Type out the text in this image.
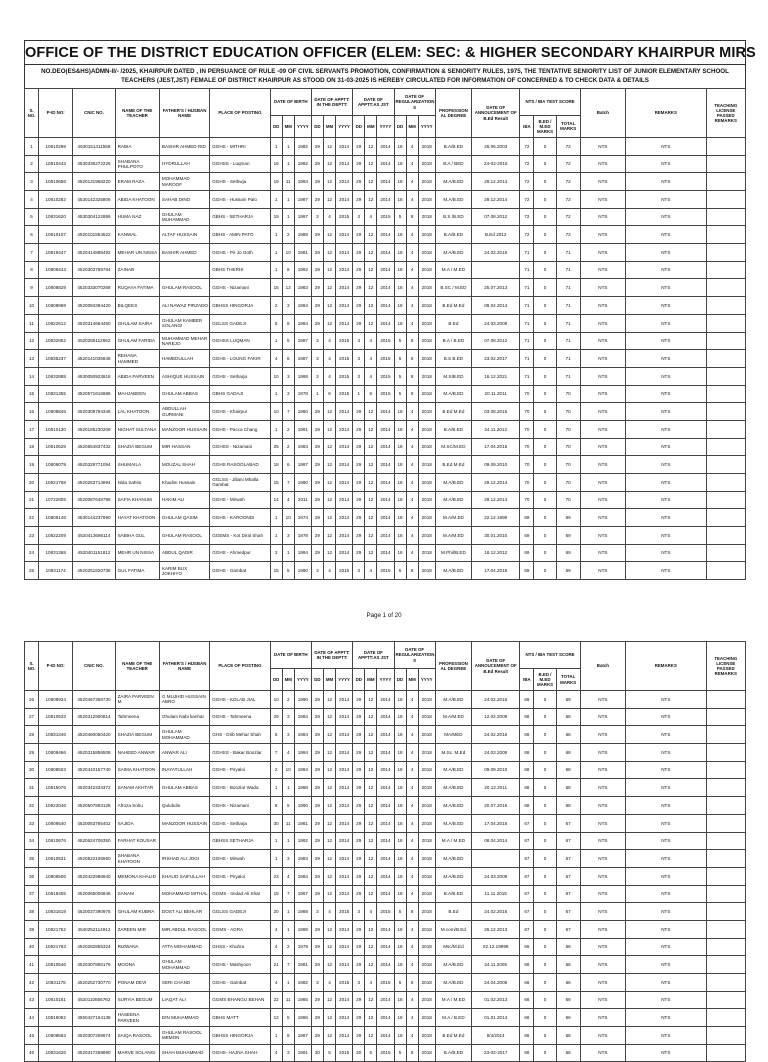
OFFICE OF THE DISTRICT EDUCATION OFFICER (ELEM: SEC: & HIGHER SECONDARY KHAIRPUR MIRS
NO.DEO(ES&HS)ADMN-II/- /2025, KHAIRPUR DATED , IN PERSUANCE OF RULE -09 OF CIVIL SERVANTS PROMOTION, CONFIRMATION & SENIORITY RULES, 1975, THE TENTATIVE SENIORITY LIST OF JUNIOR ELEMENTARY SCHOOL TEACHERS (JEST,JST) FEMALE OF DISTRICT KHAIRPUR AS STOOD ON 31-03-2025 IS HEREBY CIRCULATED FOR INFORMATION OF CONCERNED & TO CHECK DATA & DETAILS
S. NO.	P-ID NO:	CNIC NO.	NAME OF THE TEACHER	FATHER'S / HUSBAN NAME	PLACE OF POSTING	DATE OF BIRTH			DATE OF APPTT: IN THE DEPTT:			DATE OF APPTT:AS JST			DATE OF REGULARIZATION S			PROFESSION AL DEGREE	DATE OF ANNOUCEMENT OF B.Ed Result	NTS / IBA TEST SCORE			Batch	REMARKS	TEACHING LICENSE PASSED REMARKS
						DD	MM	YYYY	DD	MM	YYYY	DD	MM	YYYY	DD	MM	YYYY			IBA	B.ED / M.ED MARKS	TOTAL MARKS			
1	10810298	4530151411558	RABIA	BASHIR AHMED RID	GGHS - MITHRI	1	1	1982	29	12	2014	29	12	2014	18	4	2018	B.A/B.ED	26.06.2003	72	0	72	NTS	NTS	
2	10810443	4530336272226	SHABANA PHULPOTO	HYDRULLAH	GGHSS - Luqman	16	1	1982	29	12	2014	29	12	2014	18	4	2018	B.A / BED	24-02-2016	72	0	72	NTS	NTS	
3	10810656	4520131968220	ERAM RAZA	MOHAMMAD MAROOF	GGHS - Sethwja	19	11	1984	29	12	2014	29	12	2014	18	4	2018	M.A/B.ED	29.12.2014	72	0	72	NTS	NTS	
4	10810282	4530142325806	ABIDA KHATOON	SAHAB DINO	GGHS - Hussain Palo	1	1	1987	29	12	2014	29	12	2014	18	4	2018	M.A/B.ED	29.12.2014	72	0	72	NTS	NTS	
5	10831620	4530304122886	HUMA NAZ	GHULAM MUHAMMAD	GBHS - SETHARJA	19	1	1987	3	4	2015	3	4	2015	5	8	2018	B.S /B.ED	07.08.2012	72	0	72	NTS	NTS	
6	10810107	4520101854522	KANWAL	ALTAF HUSSAIN	GBHS - AMIN PATO	1	2	1988	29	12	2014	29	12	2014	18	4	2018	B.A/B.ED	B.Ed 2012	72	0	72	NTS	NTS	
7	10819447	4520414889492	MEHAR UN NISSA	BASHIR AHMED	GGHS - Pir Jo Goth	1	10	1981	29	12	2014	29	12	2014	18	4	2018	M.A/B.ED	24.02.2016	71	0	71	NTS	NTS	
8	10809443	4520303759784	ZAINAB		GBHS THERHI	1	6	1982	29	12	2014	29	12	2014	18	4	2018	M.A / M.ED		71	0	71	NTS	NTS	
9	10808829	4520333070268	RUQAYA FATIMA	GHULAM RASOOL	GGHS - Nizamani	15	12	1983	29	12	2014	29	12	2014	18	4	2018	B.SC / M.ED	25.07.2013	71	0	71	NTS	NTS	
10	10808968	4520084394420	BILQEES	ALI NAWAZ PIRZADO	GBHSS HINGORJA	2	3	1984	29	12	2014	29	12	2014	18	4	2018	B.Ed M.Ed	08.04.2014	71	0	71	NTS	NTS	
11	10822612	4520314664460	GHULAM SAIRA	GHULAM KAMBER SOLANGI	GGLSS GADEJI	5	8	1984	29	12	2014	29	12	2014	18	4	2018	B.Ed	24.03.2009	71	0	71	NTS	NTS	
12	10832852	4520285112652	GHULAM FARIDA	MUHAMMAD MEHAR NAREJO	GGHSS LUQMAN	1	5	1987	3	4	2015	3	4	2015	5	8	2018	B.A / B.ED	07.08.2012	71	0	71	NTS	NTS	
13	10835237	4520141035846	REHANA HAMMED	HAMEDULLAH	GGHS - LOUNG FAKIR	4	6	1987	3	4	2015	3	4	2015	5	8	2018	B.S B.ED	23.02.2017	71	0	71	NTS	NTS	
14	10832888	4530050923818	ABIDA PARVEEN	ASHIQUE HUSSAIN	GGHS - Setharja	10	3	1988	3	4	2015	3	4	2015	5	8	2018	M.SIB.ED	16.12.2021	71	0	71	NTS	NTS	
15	10831355	4520571616686	MAHJABEEN	GHULAM ABBAS	GBHS GADAJI	1	3	1978	1	6	2015	1	6	2015	5	8	2018	M.A/B.ED	20.11.2011	70	0	70	NTS	NTS	
16	10808848	4520309794346	LAL KHATOON	ABDULLAH GURMANI	GGHS - Khairpur	10	7	1980	29	12	2014	29	12	2014	18	4	2018	B.Ed M.Ed	03.08.2015	70	0	70	NTS	NTS	
17	10810130	4520185230208	NIGHAT SULTANA	MANZOOR HUSSAIN	GGHS - Pacca Chang	1	2	1981	29	12	2014	29	12	2014	18	4	2018	B.A/B.ED	24.11.2012	70	0	70	NTS	NTS	
18	10810528	4520654837432	SHAZIA BEGUM	MIR HASSAN	GGHSS - Nizamani	25	2	1983	29	12	2014	29	12	2014	18	4	2018	M.SC/M.ED	17.04.2015	70	0	70	NTS	NTS	
19	10809079	4520328771094	SHUMAILA	MOUZAL SHAH	GGHS RASOOLABAD	18	6	1987	29	12	2014	29	12	2014	18	4	2018	B.Ed M.Ed	09.09.2010	70	0	70	NTS	NTS	
20	10821768	4520263714894	Nida Sahito	Khadim Hussain	GGLSS - Jillani Mhalla Gambat	15	7	1990	29	12	2014	29	12	2014	18	4	2018	M.A/B.ED	29.12.2014	70	0	70	NTS	NTS	
21	10722805	4520087648798	SAFIA KHANUM	HAKIM ALI	GGHS - Mirwah	14	4	2011	29	12	2014	29	12	2014	18	4	2018	M.A/B.ED	29.12.2014	70	0	70	NTS	NTS	
22	10808146	4530144237890	HAYAT KHATOON	GHULAM QASIM	GGHS - KAROONDI	1	10	1974	29	12	2014	29	12	2014	18	4	2018	M.A/M.ED	22.12.1999	69	0	69	NTS	NTS	
23	10822209	4520413686114	SABIHA GUL	GHULAM RASOOL	GGEMS - Kot Diral Shah	1	3	1978	29	12	2014	29	12	2014	18	4	2018	M.A/M.ED	30.01.2010	69	0	69	NTS	NTS	
24	10831368	4520401151812	MEHR UN NISSA	ABDUL QADIR	GGHS - Ahmedpur	3	1	1984	29	12	2014	29	12	2014	18	4	2018	M.Phil/B.ED	18.12.2012	69	0	69	NTS	NTS	
25	10831174	4520251820736	GUL FATIMA	KARIM BUX JOKHIYO	GGHS - Gambat	15	5	1990	3	4	2015	3	4	2015	5	8	2018	M.A/B.ED	17.04.2015	69	0	69	NTS	NTS	
Page 1 of 20
S. NO.	P-ID NO:	CNIC NO.	NAME OF THE TEACHER	FATHER'S / HUSBAN NAME	PLACE OF POSTING	DATE OF BIRTH			DATE OF APPTT: IN THE DEPTT:			DATE OF APPTT:AS JST			DATE OF REGULARIZATION S			PROFESSION AL DEGREE	DATE OF ANNOUCEMENT OF B.Ed Result	NTS / IBA TEST SCORE			Batch	REMARKS	TEACHING LICENSE PASSED REMARKS
						DD	MM	YYYY	DD	MM	YYYY	DD	MM	YYYY	DD	MM	YYYY			IBA	B.ED / M.ED MARKS	TOTAL MARKS			
26	10808934	4520467359730	ZAIRA PARVEEN M	G MUJHID HUSSAIN ABRO	GGHS - KOLAB JIAL	10	2	1990	29	12	2014	29	12	2014	18	4	2018	M.A/B.ED	24.02.2016	69	0	69	NTS	NTS	
27	10810533	4520312900814	Tahmeena	Ghulam Nabi kanhar	GGHS - Tahmeena	29	3	1984	29	12	2014	29	12	2014	18	4	2018	M.A/M.ED	12.02.2009	68	0	68	NTS	NTS	
28	10831346	4520460050420	SHAZIA BEGUM	GHULAM MOHAMMAD	GHS - Drib Mehar Shah	5	3	1984	29	12	2014	29	12	2014	18	4	2018	MA/MED	24.02.2016	68	0	68	NTS	NTS	
29	10809466	4520315856508	NAHEED ANWAR	ANWAR ALI	GGHSS - Bakar Boozlar	7	4	1984	29	12	2014	29	12	2014	18	4	2018	M.Sc. M.Ed	24.03.2009	68	0	68	NTS	NTS	
30	10808503	4520410157740	SAIMA KHATOON	INAYATULLAH	GGHS - Piryaloi	2	10	1984	29	12	2014	29	12	2014	18	4	2018	M.A/B.ED	09.09.2010	68	0	68	NTS	NTS	
31	10815076	4520342334372	SANAM AKHTAR	GHULAM ABBAS	GGHS - Boozlar Wada	1	1	1988	29	12	2014	29	12	2014	18	4	2018	M.A/B.ED	20.12.2011	68	0	68	NTS	NTS	
32	10822046	4520507893128	Afroza Sohu	Qulubdin	GGHS - Nizamani	8	5	1990	29	12	2014	29	12	2014	18	4	2018	M.A/B.ED	20.07.2016	68	0	68	NTS	NTS	
33	10809540	4520063765402	SAJIDA	MANZOOR HUSSAIN	GGHS - Setharja	30	11	1981	29	12	2014	29	12	2014	18	4	2018	M.A/B.ED	17.04.2015	67	0	67	NTS	NTS	
34	10810676	4520624706350	FARHAT KOUSAR		GBHSS SETHARJA	1	1	1982	29	12	2014	29	12	2014	18	4	2018	M.A / M.ED	08.04.2014	67	0	67	NTS	NTS	
35	10810531	4520522106860	SHABANA KHATOON	IRSHAD ALI JOGI	GGHS - Mirwah	1	3	1983	29	12	2014	29	12	2014	18	4	2018	M.A/B.ED		67	0	67	NTS	NTS	
36	10806506	4520422988940	MEMONA KHALID	KHALID SAIFULLAH	GGHS - Piryaloi	23	4	1984	29	12	2014	29	12	2014	18	4	2018	M.A/B.ED	24.03.2009	67	0	67	NTS	NTS	
37	10819405	4520065006846	SANAM	MOHAMMAD MITHAL	GGMS - Imdad Ali Shar	15	7	1987	29	12	2014	29	12	2014	18	4	2018	B.A/B.ED	11.11.2015	67	0	67	NTS	NTS	
38	10831619	4520037390976	GHULAM KUBRA	DOST ALI BEHLAR	GGLSS GADEJI	20	1	1988	3	4	2015	3	4	2015	5	8	2018	B.Ed	24.02.2016	67	0	67	NTS	NTS	
39	10821762	4540252114912	ZAREEN MIR	MIR ABDUL RASOOL	GGMS - AGRA	4	1	1989	29	12	2014	29	12	2014	18	4	2018	M.com/B.Ed	26.12.2013	67	0	67	NTS	NTS	
40	10821763	4520282855324	RIZWANA	ATTA MOHAMMAD	GHSS - Khuhra	4	2	1979	29	12	2014	29	12	2014	18	4	2018	Msc/M.Ed	02.12.19999	66	0	66	NTS	NTS	
41	10810546	4520307856176	MOONA	GHULAM MOHAMMAD	GGHS - Mashyoon	21	7	1981	29	12	2014	29	12	2014	18	4	2018	M.A/B.ED	24.11.2005	66	0	66	NTS	NTS	
42	10831176	4520252730770	PONAM DEVI	SERI CHAND	GGHS - Gambat	4	1	1982	3	4	2015	3	4	2015	5	8	2018	M.A/B.ED	24.04.2008	66	0	66	NTS	NTS	
43	10810161	4520110856762	SURYIA BEGUM	LIAQAT ALI	GGMS BHANGU BEHAN	22	11	1985	29	12	2014	29	12	2014	18	4	2018	M.A / M.ED	01.02.2013	66	0	66	NTS	NTS	
44	10816082	4550427154138	HASEENA PARVEEN	DIN MUHAMMAD	GBHS MATT	12	5	1986	29	12	2014	29	12	2014	18	4	2018	M.A / B.ED	01.01.2014	66	0	66	NTS	NTS	
45	10808663	4520307259674	SAIQA RASOOL	GHULAM RASOOL MEMON	GBHSS HINGORJA	1	8	1987	29	12	2014	29	12	2014	18	4	2018	B.Ed M.Ed	8/4/2014	66	0	66	NTS	NTS	
46	10831626	4520317269890	MARVE SOLANGI	SHAH MUHAMMAD	GGHS- HAJNA SHAH	4	3	1991	30	5	2015	30	5	2015	5	8	2018	B.A/B.ED	23-02-2017	66	0	66	NTS	NTS	
